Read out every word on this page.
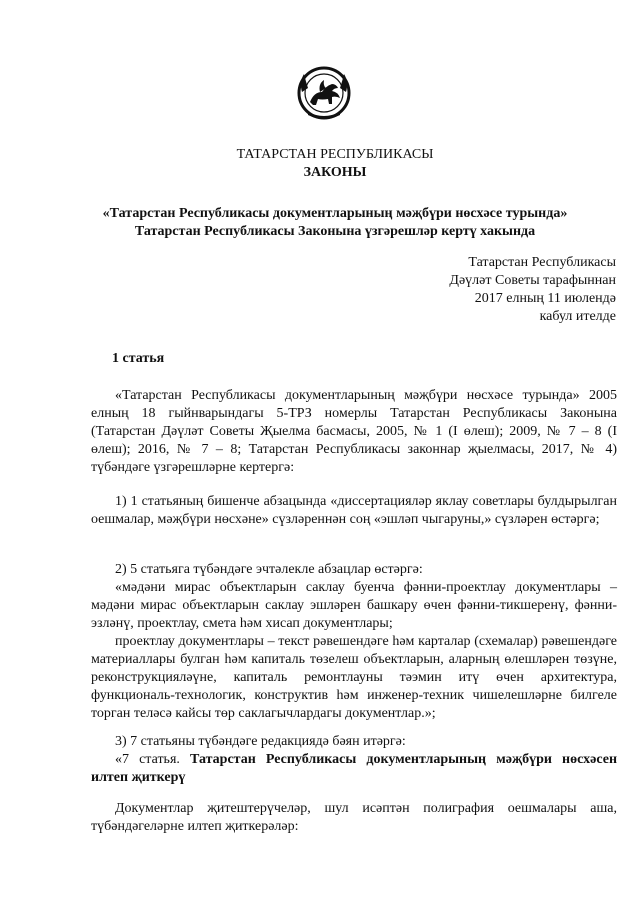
ТАТАРСТАН РЕСПУБЛИКАСЫ
ЗАКОНЫ
«Татарстан Республикасы документларының мәҗбүри нөсхәсе турында»
Татарстан Республикасы Законына үзгәрешләр кертү хакында
Татарстан Республикасы
Дәүләт Советы тарафыннан
2017 елның 11 июлендә
кабул ителде
1 статья

«Татарстан Республикасы документларының мәҗбүри нөсхәсе турында» 2005 елның 18 гыйнварындагы 5-ТРЗ номерлы Татарстан Республикасы Законына (Татарстан Дәүләт Советы Җыелма басмасы, 2005, № 1 (I өлеш); 2009, № 7 – 8 (I өлеш); 2016, № 7 – 8; Татарстан Республикасы законнар җыелмасы, 2017, № 4) түбәндәге үзгәрешләрне кертергә:

1) 1 статьяның бишенче абзацында «диссертацияләр яклау советлары булдырылган оешмалар, мәҗбүри нөсхәне» сүзләреннән соң «эшләп чыгаруны,» сүзләрен өстәргә;

2) 5 статьяга түбәндәге эчтәлекле абзацлар өстәргә:

«мәдәни мирас объектларын саклау буенча фәнни-проектлау документлары – мәдәни мирас объектларын саклау эшләрен башкару өчен фәнни-тикшеренү, фәнни-эзләнү, проектлау, смета һәм хисап документлары;

проектлау документлары – текст рәвешендәге һәм карталар (схемалар) рәвешендәге материаллары булган һәм капиталь төзелеш объектларын, аларның өлешләрен төзүне, реконструкцияләүне, капиталь ремонтлауны тәэмин итү өчен архитектура, функциональ-технологик, конструктив һәм инженер-техник чишелешләрне билгеле торган теләсә кайсы төр саклагычлардагы документлар.»;

3) 7 статьяны түбәндәге редакциядә бәян итәргә:

«7 статья. Татарстан Республикасы документларының мәҗбүри нөсхәсен илтеп җиткерү

Документлар җитештерүчеләр, шул исәптән полиграфия оешмалары аша, түбәндәгеләрне илтеп җиткерәләр:
